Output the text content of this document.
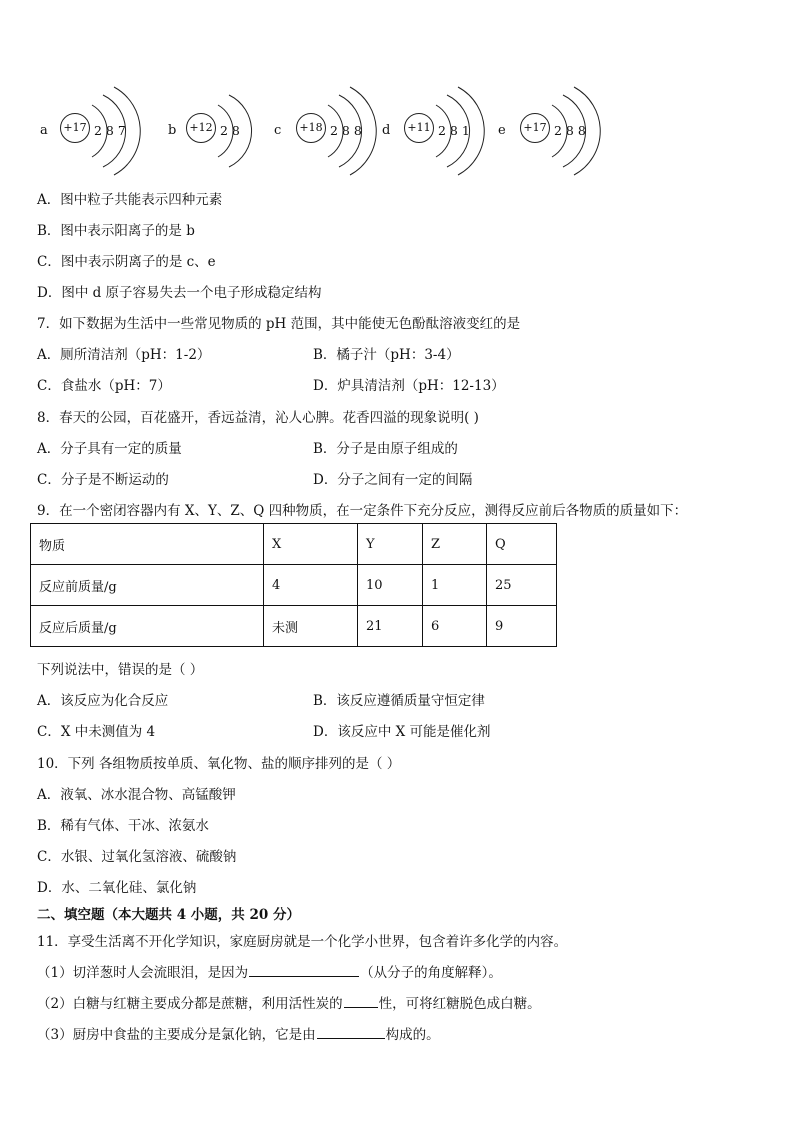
a	+17 2 8 7	b	+12 2 8	c	+18 2 8 8 d	+11 2 8 1 e	+17 2 8 8
A．图中粒子共能表示四种元素
B．图中表示阳离子的是 b
C．图中表示阴离子的是 c、e
D．图中 d 原子容易失去一个电子形成稳定结构
7．如下数据为生活中一些常见物质的 pH 范围，其中能使无色酚酞溶液变红的是
A．厕所清洁剂（pH：1-2）	B．橘子汁（pH：3-4）
C．食盐水（pH：7）	D．炉具清洁剂（pH：12-13）
8．春天的公园，百花盛开，香远益清，沁人心脾。花香四溢的现象说明( )
A．分子具有一定的质量	B．分子是由原子组成的
C．分子是不断运动的	D．分子之间有一定的间隔
9．在一个密闭容器内有 X、Y、Z、Q 四种物质，在一定条件下充分反应，测得反应前后各物质的质量如下：
物质	X	Y	Z	Q
反应前质量/g	4	10	1	25
反应后质量/g	未测	21	6	9
下列说法中，错误的是（ ）
A．该反应为化合反应	B．该反应遵循质量守恒定律
C．X 中未测值为 4	D．该反应中 X 可能是催化剂
10．下列 各组物质按单质、氧化物、盐的顺序排列的是（ ）
A．液氧、冰水混合物、高锰酸钾
B．稀有气体、干冰、浓氨水
C．水银、过氧化氢溶液、硫酸钠
D．水、二氧化硅、氯化钠
二、填空题（本大题共 4 小题，共 20 分）
11．享受生活离不开化学知识，家庭厨房就是一个化学小世界，包含着许多化学的内容。
（1）切洋葱时人会流眼泪，是因为	（从分子的角度解释）。
（2）白糖与红糖主要成分都是蔗糖，利用活性炭的	性，可将红糖脱色成白糖。
（3）厨房中食盐的主要成分是氯化钠，它是由	构成的。
